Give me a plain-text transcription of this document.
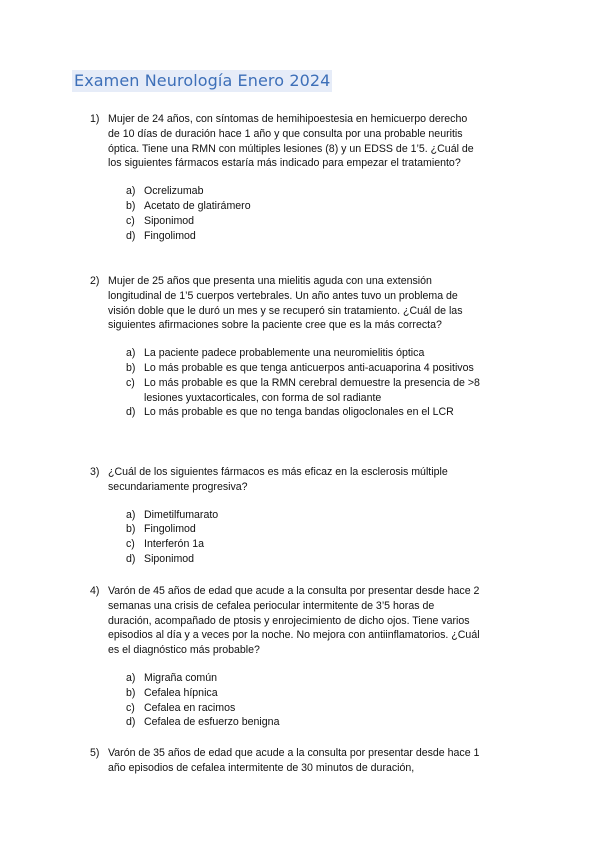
Examen Neurología Enero 2024
1) Mujer de 24 años, con síntomas de hemihipoestesia en hemicuerpo derecho de 10 días de duración hace 1 año y que consulta por una probable neuritis óptica. Tiene una RMN con múltiples lesiones (8) y un EDSS de 1’5. ¿Cuál de los siguientes fármacos estaría más indicado para empezar el tratamiento?
a) Ocrelizumab
b) Acetato de glatirámero
c) Siponimod
d) Fingolimod
2) Mujer de 25 años que presenta una mielitis aguda con una extensión longitudinal de 1’5 cuerpos vertebrales. Un año antes tuvo un problema de visión doble que le duró un mes y se recuperó sin tratamiento. ¿Cuál de las siguientes afirmaciones sobre la paciente cree que es la más correcta?
a) La paciente padece probablemente una neuromielitis óptica
b) Lo más probable es que tenga anticuerpos anti-acuaporina 4 positivos
c) Lo más probable es que la RMN cerebral demuestre la presencia de >8 lesiones yuxtacorticales, con forma de sol radiante
d) Lo más probable es que no tenga bandas oligoclonales en el LCR
3) ¿Cuál de los siguientes fármacos es más eficaz en la esclerosis múltiple secundariamente progresiva?
a) Dimetilfumarato
b) Fingolimod
c) Interferón 1a
d) Siponimod
4) Varón de 45 años de edad que acude a la consulta por presentar desde hace 2 semanas una crisis de cefalea periocular intermitente de 3’5 horas de duración, acompañado de ptosis y enrojecimiento de dicho ojos. Tiene varios episodios al día y a veces por la noche. No mejora con antiinflamatorios. ¿Cuál es el diagnóstico más probable?
a) Migraña común
b) Cefalea hípnica
c) Cefalea en racimos
d) Cefalea de esfuerzo benigna
5) Varón de 35 años de edad que acude a la consulta por presentar desde hace 1 año episodios de cefalea intermitente de 30 minutos de duración,
